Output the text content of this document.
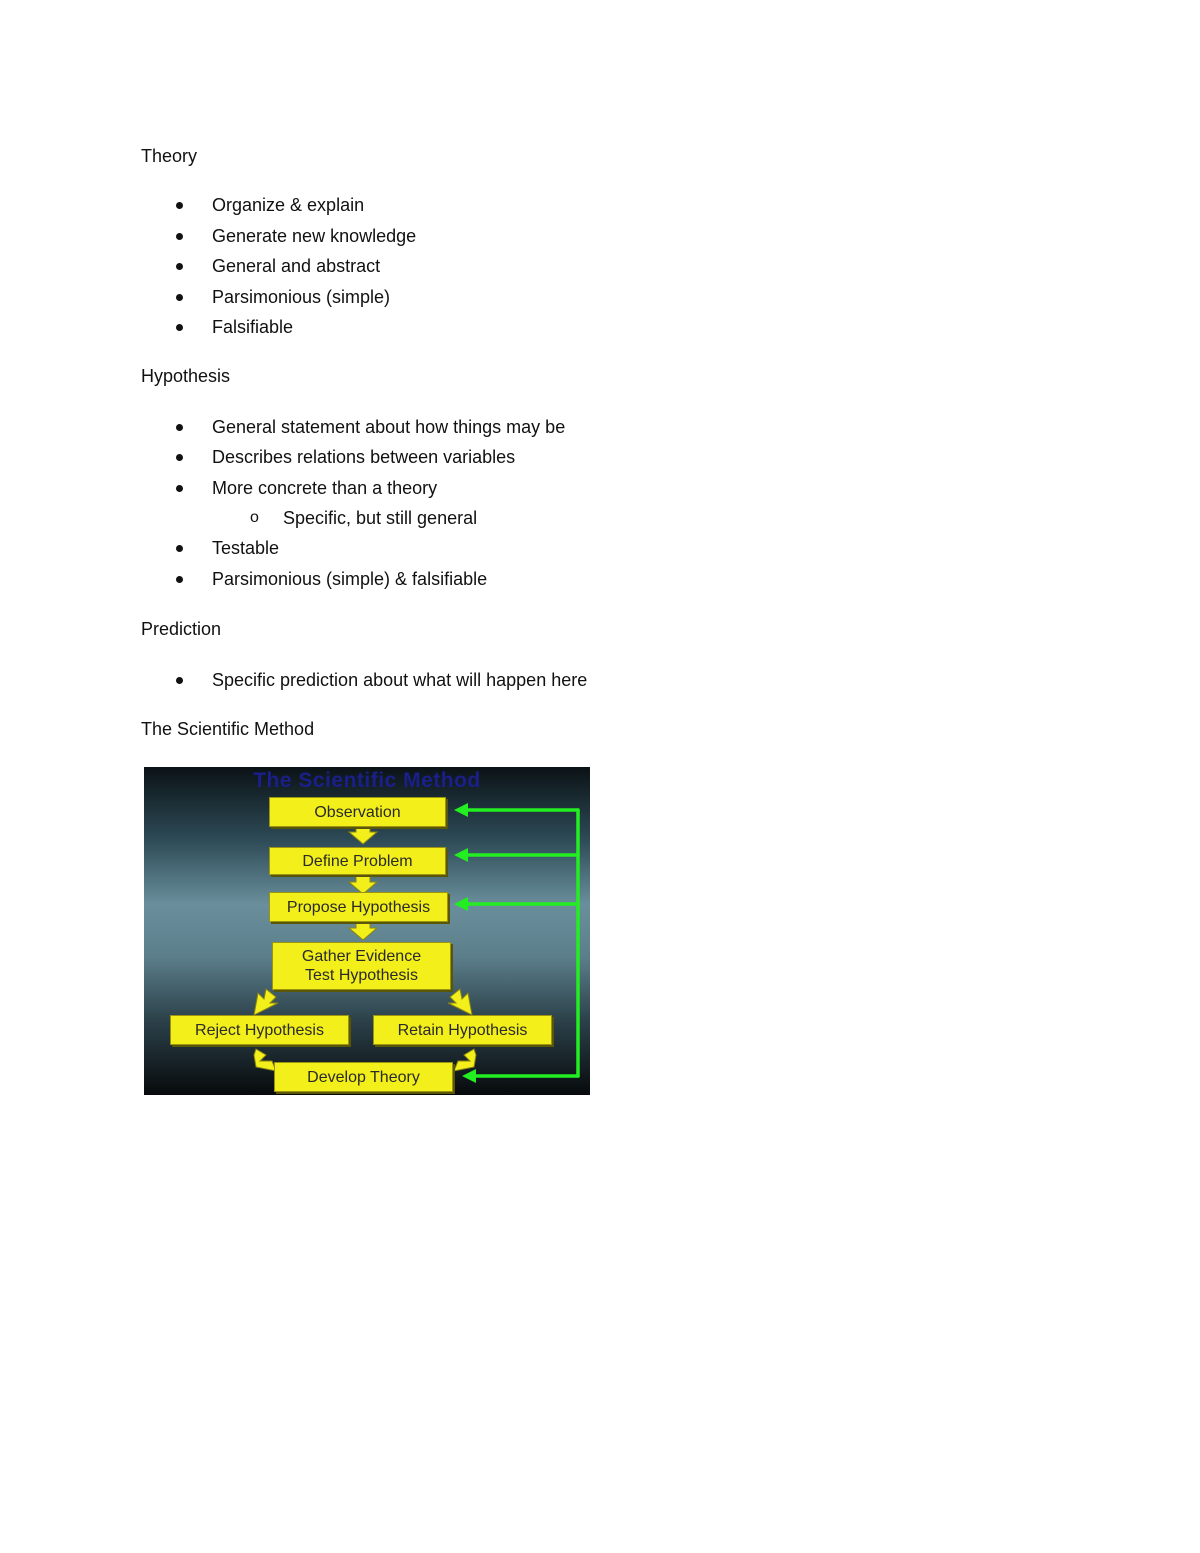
Theory
Organize & explain
Generate new knowledge
General and abstract
Parsimonious (simple)
Falsifiable
Hypothesis
General statement about how things may be
Describes relations between variables
More concrete than a theory
o Specific, but still general
Testable
Parsimonious (simple) & falsifiable
Prediction
Specific prediction about what will happen here
The Scientific Method
The Scientific Method
Observation
Define Problem
Propose Hypothesis
Gather Evidence
Test Hypothesis
Reject Hypothesis	Retain Hypothesis
Develop Theory
